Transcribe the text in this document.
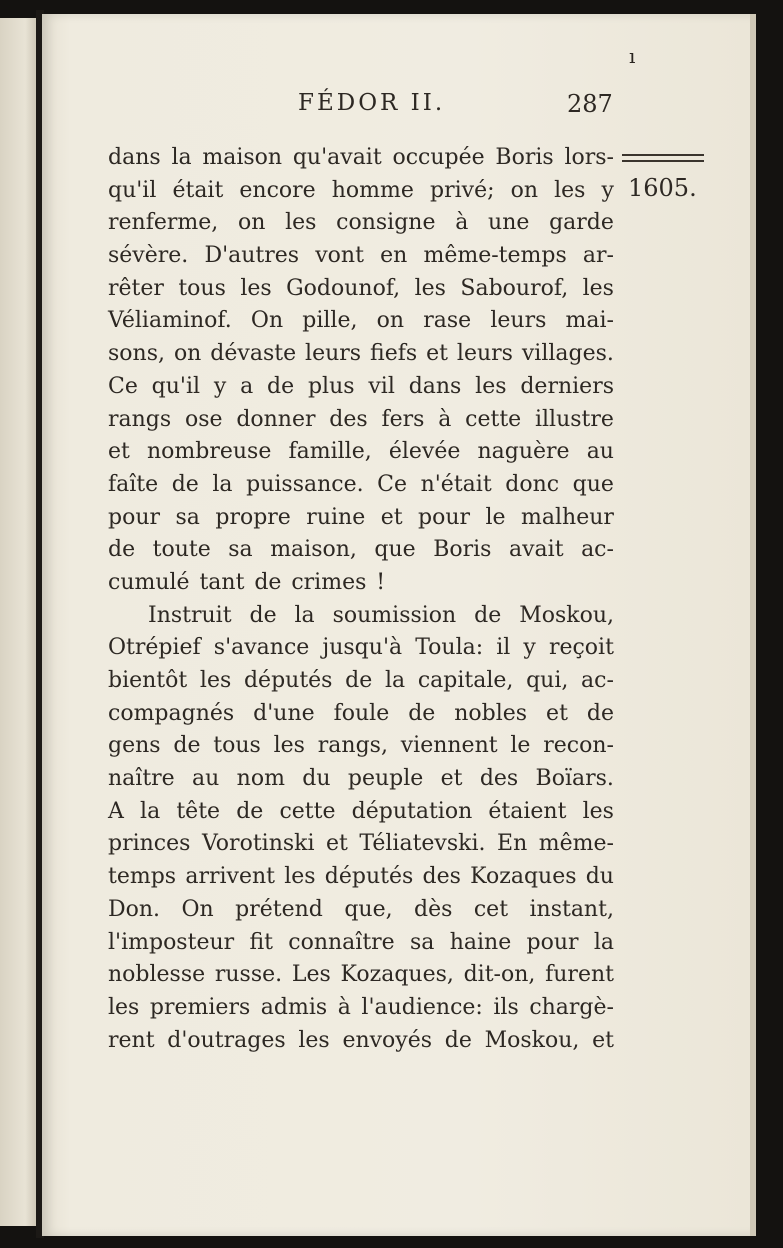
ı
FÉDOR II.	287
1605.
dans la maison qu'avait occupée Boris lors-
qu'il était encore homme privé; on les y
renferme, on les consigne à une garde
sévère. D'autres vont en même-temps ar-
rêter tous les Godounof, les Sabourof, les
Véliaminof. On pille, on rase leurs mai-
sons, on dévaste leurs fiefs et leurs villages.
Ce qu'il y a de plus vil dans les derniers
rangs ose donner des fers à cette illustre
et nombreuse famille, élevée naguère au
faîte de la puissance. Ce n'était donc que
pour sa propre ruine et pour le malheur
de toute sa maison, que Boris avait ac-
cumulé tant de crimes !
Instruit de la soumission de Moskou,
Otrépief s'avance jusqu'à Toula: il y reçoit
bientôt les députés de la capitale, qui, ac-
compagnés d'une foule de nobles et de
gens de tous les rangs, viennent le recon-
naître au nom du peuple et des Boïars.
A la tête de cette députation étaient les
princes Vorotinski et Téliatevski. En même-
temps arrivent les députés des Kozaques du
Don. On prétend que, dès cet instant,
l'imposteur fit connaître sa haine pour la
noblesse russe. Les Kozaques, dit-on, furent
les premiers admis à l'audience: ils chargè-
rent d'outrages les envoyés de Moskou, et
